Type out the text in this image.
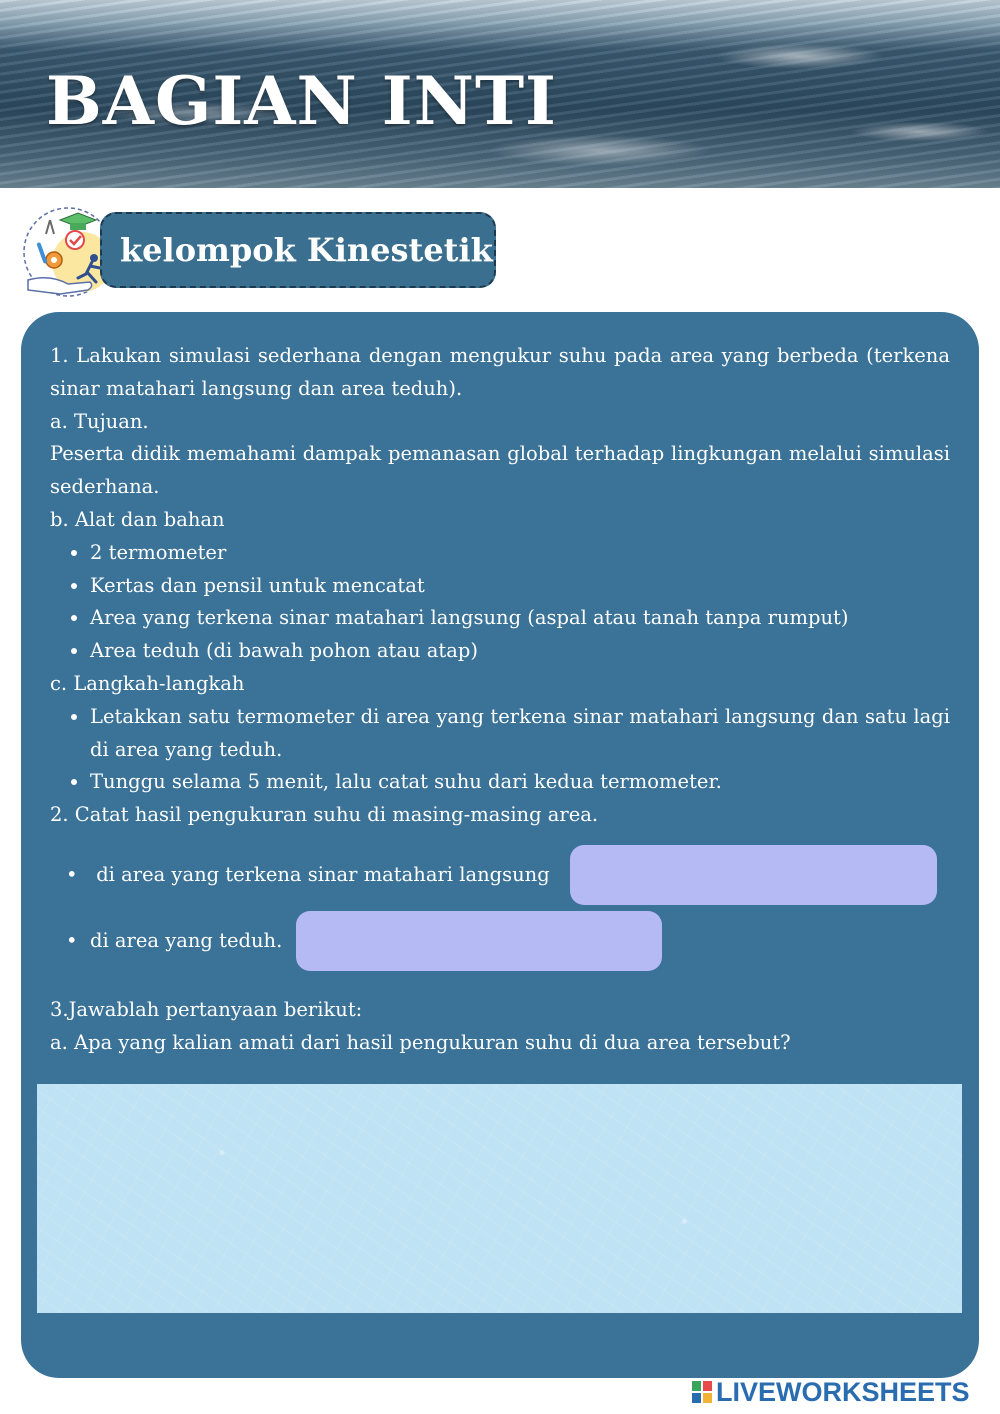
BAGIAN INTI
kelompok Kinestetik

1. Lakukan simulasi sederhana dengan mengukur suhu pada area yang berbeda (terkena sinar matahari langsung dan area teduh).

a. Tujuan.

Peserta didik memahami dampak pemanasan global terhadap lingkungan melalui simulasi sederhana.

b. Alat dan bahan

• 2 termometer
• Kertas dan pensil untuk mencatat
• Area yang terkena sinar matahari langsung (aspal atau tanah tanpa rumput)
• Area teduh (di bawah pohon atau atap)

c. Langkah-langkah

• Letakkan satu termometer di area yang terkena sinar matahari langsung dan satu lagi di area yang teduh.
• Tunggu selama 5 menit, lalu catat suhu dari kedua termometer.

2. Catat hasil pengukuran suhu di masing-masing area.

• di area yang terkena sinar matahari langsung
• di area yang teduh.

3.Jawablah pertanyaan berikut:

a. Apa yang kalian amati dari hasil pengukuran suhu di dua area tersebut?

LIVEWORKSHEETS
